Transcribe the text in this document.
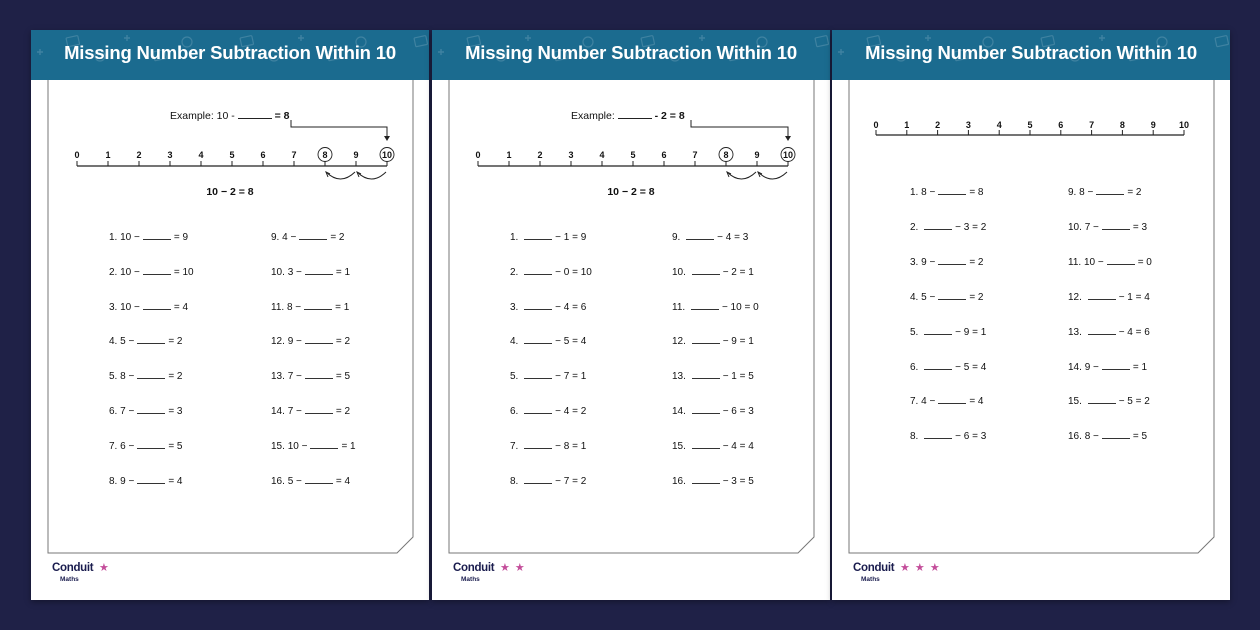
Missing Number Subtraction Within 10
Example: 10 -	= 8
0	1	2	3	4	5	6	7	8	9	10
10 − 2 = 8
1. 10 −	= 9
2. 10 −	= 10
3. 10 −	= 4
4. 5 −	= 2
5. 8 −	= 2
6. 7 −	= 3
7. 6 −	= 5
8. 9 −	= 4
9. 4 −	= 2
10. 3 −	= 1
11. 8 −	= 1
12. 9 −	= 2
13. 7 −	= 5
14. 7 −	= 2
15. 10 −	= 1
16. 5 −	= 4
Conduit
Maths
★
Missing Number Subtraction Within 10
Example:	- 2 = 8
0	1	2	3	4	5	6	7	8	9	10
10 − 2 = 8
1.	− 1 = 9
2.	− 0 = 10
3.	− 4 = 6
4.	− 5 = 4
5.	− 7 = 1
6.	− 4 = 2
7.	− 8 = 1
8.	− 7 = 2
9.	− 4 = 3
10.	− 2 = 1
11.	− 10 = 0
12.	− 9 = 1
13.	− 1 = 5
14.	− 6 = 3
15.	− 4 = 4
16.	− 3 = 5
Conduit
Maths
★ ★
Missing Number Subtraction Within 10
0	1	2	3	4	5	6	7	8	9	10
1. 8 −	= 8
2.	− 3 = 2
3. 9 −	= 2
4. 5 −	= 2
5.	− 9 = 1
6.	− 5 = 4
7. 4 −	= 4
8.	− 6 = 3
9. 8 −	= 2
10. 7 −	= 3
11. 10 −	= 0
12.	− 1 = 4
13.	− 4 = 6
14. 9 −	= 1
15.	− 5 = 2
16. 8 −	= 5
Conduit
Maths
★ ★ ★
